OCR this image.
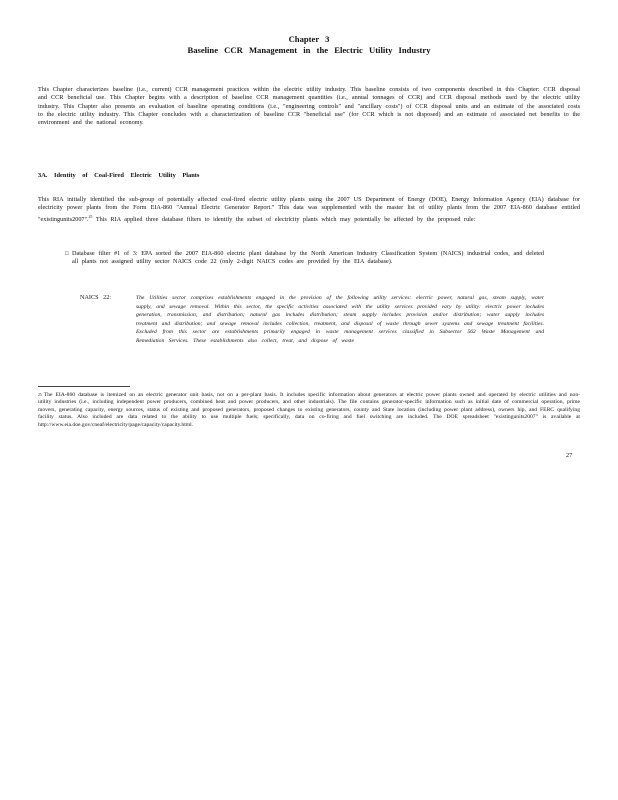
Chapter 3
Baseline CCR Management in the Electric Utility Industry
This Chapter characterizes baseline (i.e., current) CCR management practices within the electric utility industry. This baseline consists of two components described in this Chapter: CCR disposal and CCR beneficial use. This Chapter begins with a description of baseline CCR management quantities (i.e., annual tonnages of CCR) and CCR disposal methods used by the electric utility industry. This Chapter also presents an evaluation of baseline operating conditions (i.e., "engineering controls" and "ancillary costs") of CCR disposal units and an estimate of the associated costs to the electric utility industry. This Chapter concludes with a characterization of baseline CCR "beneficial use" (for CCR which is not disposed) and an estimate of associated net benefits to the environment and the national economy.
3A. Identity of Coal-Fired Electric Utility Plants
This RIA initially identified the sub-group of potentially affected coal-fired electric utility plants using the 2007 US Department of Energy (DOE), Energy Information Agency (EIA) database for electricity power plants from the Form EIA-860 "Annual Electric Generator Report." This data was supplemented with the master list of utility plants from the 2007 EIA-860 database entitled "existingunits2007".$^{25}$ This RIA applied three database filters to identify the subset of electricity plants which may potentially be affected by the proposed rule:
□ Database filter #1 of 3: EPA sorted the 2007 EIA-860 electric plant database by the North American Industry Classification System (NAICS) industrial codes, and deleted all plants not assigned utility sector NAICS code 22 (only 2-digit NAICS codes are provided by the EIA database).
NAICS 22:	The Utilities sector comprises establishments engaged in the provision of the following utility services: electric power, natural gas, steam supply, water supply, and sewage removal. Within this sector, the specific activities associated with the utility services provided vary by utility: electric power includes generation, transmission, and distribution; natural gas includes distribution; steam supply includes provision and/or distribution; water supply includes treatment and distribution; and sewage removal includes collection, treatment, and disposal of waste through sewer systems and sewage treatment facilities. Excluded from this sector are establishments primarily engaged in waste management services classified in Subsector 562 Waste Management and Remediation Services. These establishments also collect, treat, and dispose of waste
$^{25}$ The EIA-860 database is itemized on an electric generator unit basis, not on a per-plant basis. It includes specific information about generators at electric power plants owned and operated by electric utilities and non-utility industries (i.e., including independent power producers, combined heat and power producers, and other industrials). The file contains generator-specific information such as initial date of commercial operation, prime movers, generating capacity, energy sources, status of existing and proposed generators, proposed changes to existing generators, county and State location (including power plant address), owners hip, and FERC qualifying facility status. Also included are data related to the ability to use multiple fuels; specifically, data on co-firing and fuel switching are included. The DOE spreadsheet "existingunits2007" is available at http://www.eia.doe.gov/cneaf/electricity/page/capacity/capacity.html.
27
